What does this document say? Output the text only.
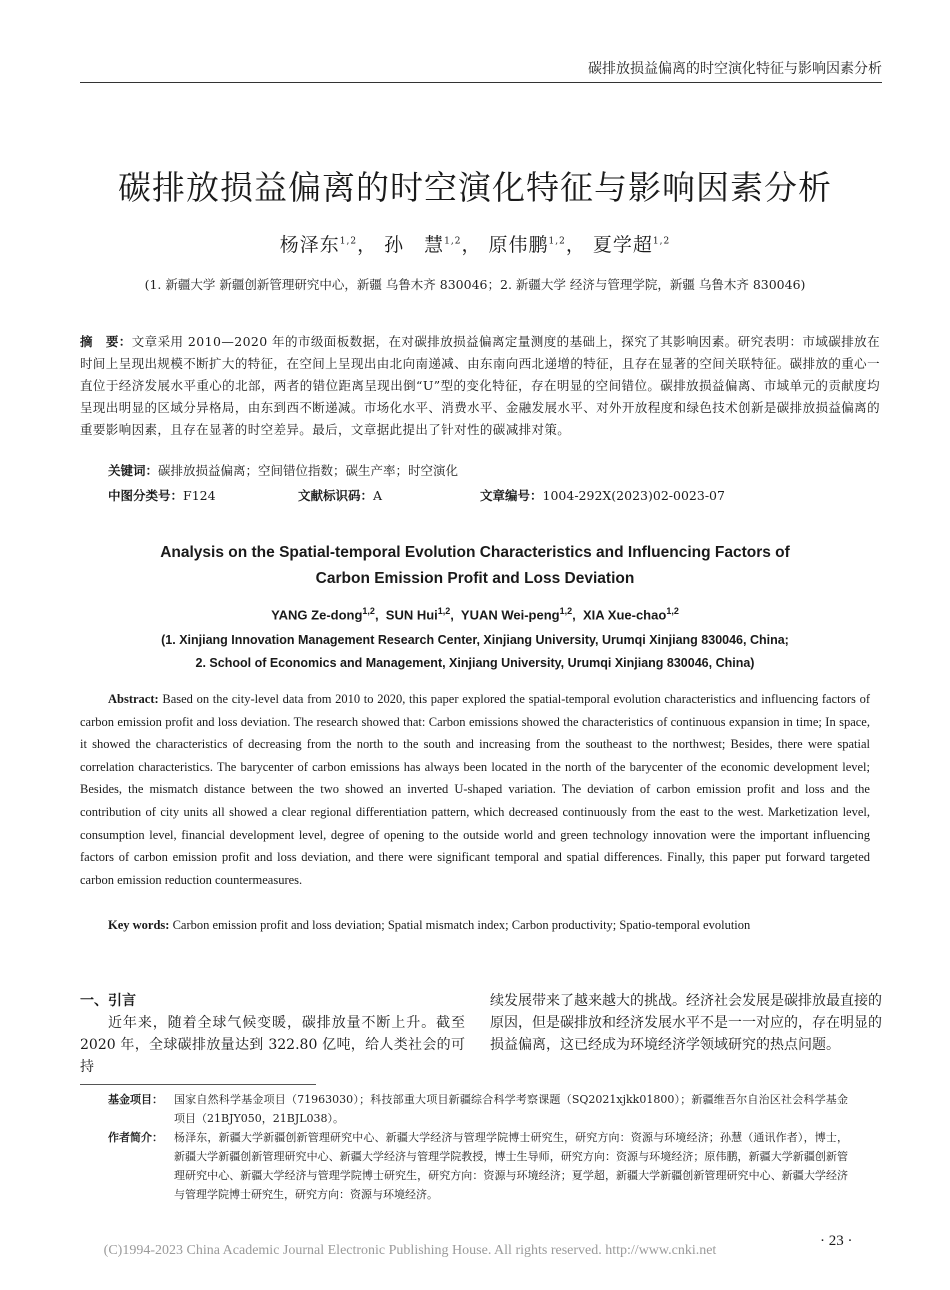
碳排放损益偏离的时空演化特征与影响因素分析
碳排放损益偏离的时空演化特征与影响因素分析
杨泽东$^{1,2}$， 孙　慧$^{1,2}$， 原伟鹏$^{1,2}$， 夏学超$^{1,2}$
(1. 新疆大学 新疆创新管理研究中心，新疆 乌鲁木齐 830046；2. 新疆大学 经济与管理学院，新疆 乌鲁木齐 830046)
摘　要：文章采用 2010—2020 年的市级面板数据，在对碳排放损益偏离定量测度的基础上，探究了其影响因素。研究表明：市域碳排放在时间上呈现出规模不断扩大的特征，在空间上呈现出由北向南递减、由东南向西北递增的特征，且存在显著的空间关联特征。碳排放的重心一直位于经济发展水平重心的北部，两者的错位距离呈现出倒“U”型的变化特征，存在明显的空间错位。碳排放损益偏离、市域单元的贡献度均呈现出明显的区域分异格局，由东到西不断递减。市场化水平、消费水平、金融发展水平、对外开放程度和绿色技术创新是碳排放损益偏离的重要影响因素，且存在显著的时空差异。最后，文章据此提出了针对性的碳减排对策。
关键词：碳排放损益偏离；空间错位指数；碳生产率；时空演化
中图分类号：F124	文献标识码：A	文章编号：1004-292X(2023)02-0023-07
Analysis on the Spatial-temporal Evolution Characteristics and Influencing Factors of
Carbon Emission Profit and Loss Deviation
YANG Ze-dong$^{1,2}$,  SUN Hui$^{1,2}$,  YUAN Wei-peng$^{1,2}$,  XIA Xue-chao$^{1,2}$
(1. Xinjiang Innovation Management Research Center, Xinjiang University, Urumqi Xinjiang 830046, China;
2. School of Economics and Management, Xinjiang University, Urumqi Xinjiang 830046, China)
Abstract: Based on the city-level data from 2010 to 2020, this paper explored the spatial-temporal evolution characteristics and influencing factors of carbon emission profit and loss deviation. The research showed that: Carbon emissions showed the characteristics of continuous expansion in time; In space, it showed the characteristics of decreasing from the north to the south and increasing from the southeast to the northwest; Besides, there were spatial correlation characteristics. The barycenter of carbon emissions has always been located in the north of the barycenter of the economic development level; Besides, the mismatch distance between the two showed an inverted U-shaped variation. The deviation of carbon emission profit and loss and the contribution of city units all showed a clear regional differentiation pattern, which decreased continuously from the east to the west. Marketization level, consumption level, financial development level, degree of opening to the outside world and green technology innovation were the important influencing factors of carbon emission profit and loss deviation, and there were significant temporal and spatial differences. Finally, this paper put forward targeted carbon emission reduction countermeasures.
Key words: Carbon emission profit and loss deviation; Spatial mismatch index; Carbon productivity; Spatio-temporal evolution
一、引言

近年来，随着全球气候变暖，碳排放量不断上升。截至 2020 年，全球碳排放量达到 322.80 亿吨，给人类社会的可持

续发展带来了越来越大的挑战。经济社会发展是碳排放最直接的原因，但是碳排放和经济发展水平不是一一对应的，存在明显的损益偏离，这已经成为环境经济学领域研究的热点问题。

基金项目：	国家自然科学基金项目（71963030）；科技部重大项目新疆综合科学考察课题（SQ2021xjkk01800）；新疆维吾尔自治区社会科学基金项目（21BJY050，21BJL038）。
作者简介：	杨泽东，新疆大学新疆创新管理研究中心、新疆大学经济与管理学院博士研究生，研究方向：资源与环境经济；孙慧（通讯作者），博士，新疆大学新疆创新管理研究中心、新疆大学经济与管理学院教授，博士生导师，研究方向：资源与环境经济；原伟鹏，新疆大学新疆创新管理研究中心、新疆大学经济与管理学院博士研究生，研究方向：资源与环境经济；夏学超，新疆大学新疆创新管理研究中心、新疆大学经济与管理学院博士研究生，研究方向：资源与环境经济。
(C)1994-2023 China Academic Journal Electronic Publishing House. All rights reserved. http://www.cnki.net
· 23 ·
